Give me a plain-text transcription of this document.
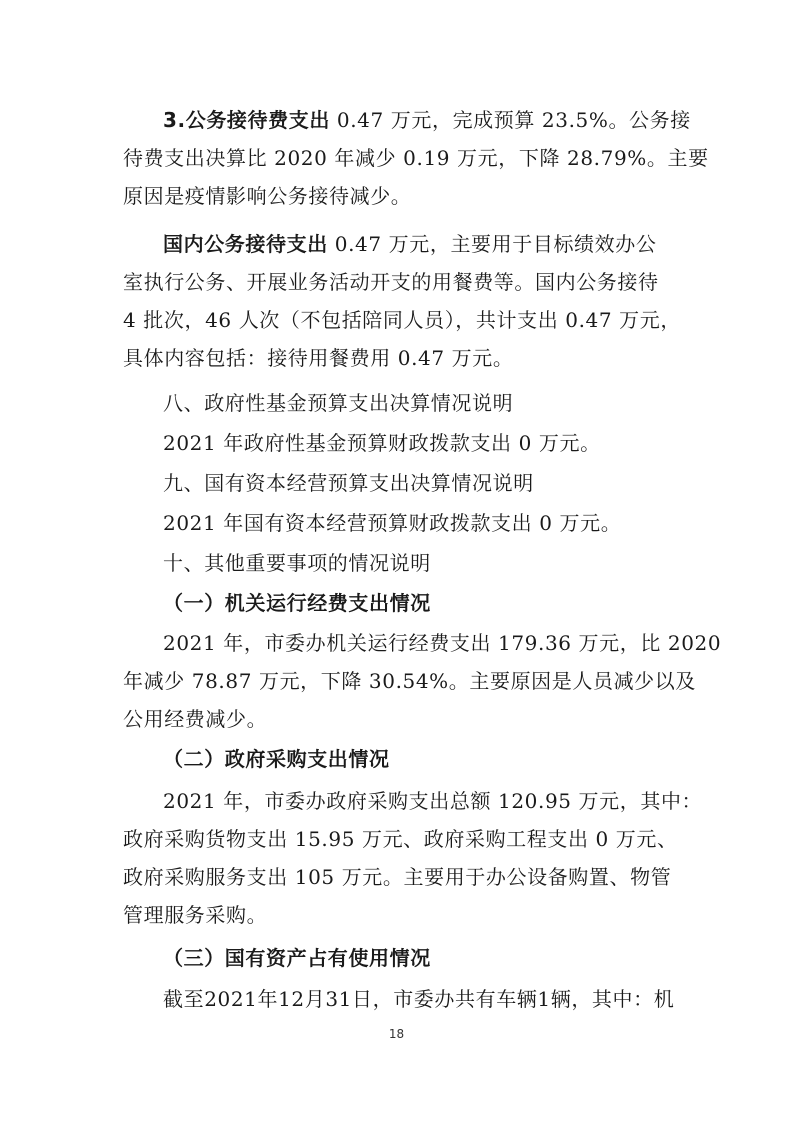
3.公务接待费支出 0.47 万元，完成预算 23.5%。公务接
待费支出决算比 2020 年减少 0.19 万元，下降 28.79%。主要
原因是疫情影响公务接待减少。
国内公务接待支出 0.47 万元，主要用于目标绩效办公
室执行公务、开展业务活动开支的用餐费等。国内公务接待
4 批次，46 人次（不包括陪同人员），共计支出 0.47 万元，
具体内容包括：接待用餐费用 0.47 万元。
八、政府性基金预算支出决算情况说明
2021 年政府性基金预算财政拨款支出 0 万元。
九、国有资本经营预算支出决算情况说明
2021 年国有资本经营预算财政拨款支出 0 万元。
十、其他重要事项的情况说明
（一）机关运行经费支出情况
2021 年，市委办机关运行经费支出 179.36 万元，比 2020
年减少 78.87 万元，下降 30.54%。主要原因是人员减少以及
公用经费减少。
（二）政府采购支出情况
2021 年，市委办政府采购支出总额 120.95 万元，其中：
政府采购货物支出 15.95 万元、政府采购工程支出 0 万元、
政府采购服务支出 105 万元。主要用于办公设备购置、物管
管理服务采购。
（三）国有资产占有使用情况
截至2021年12月31日，市委办共有车辆1辆，其中：机
18
